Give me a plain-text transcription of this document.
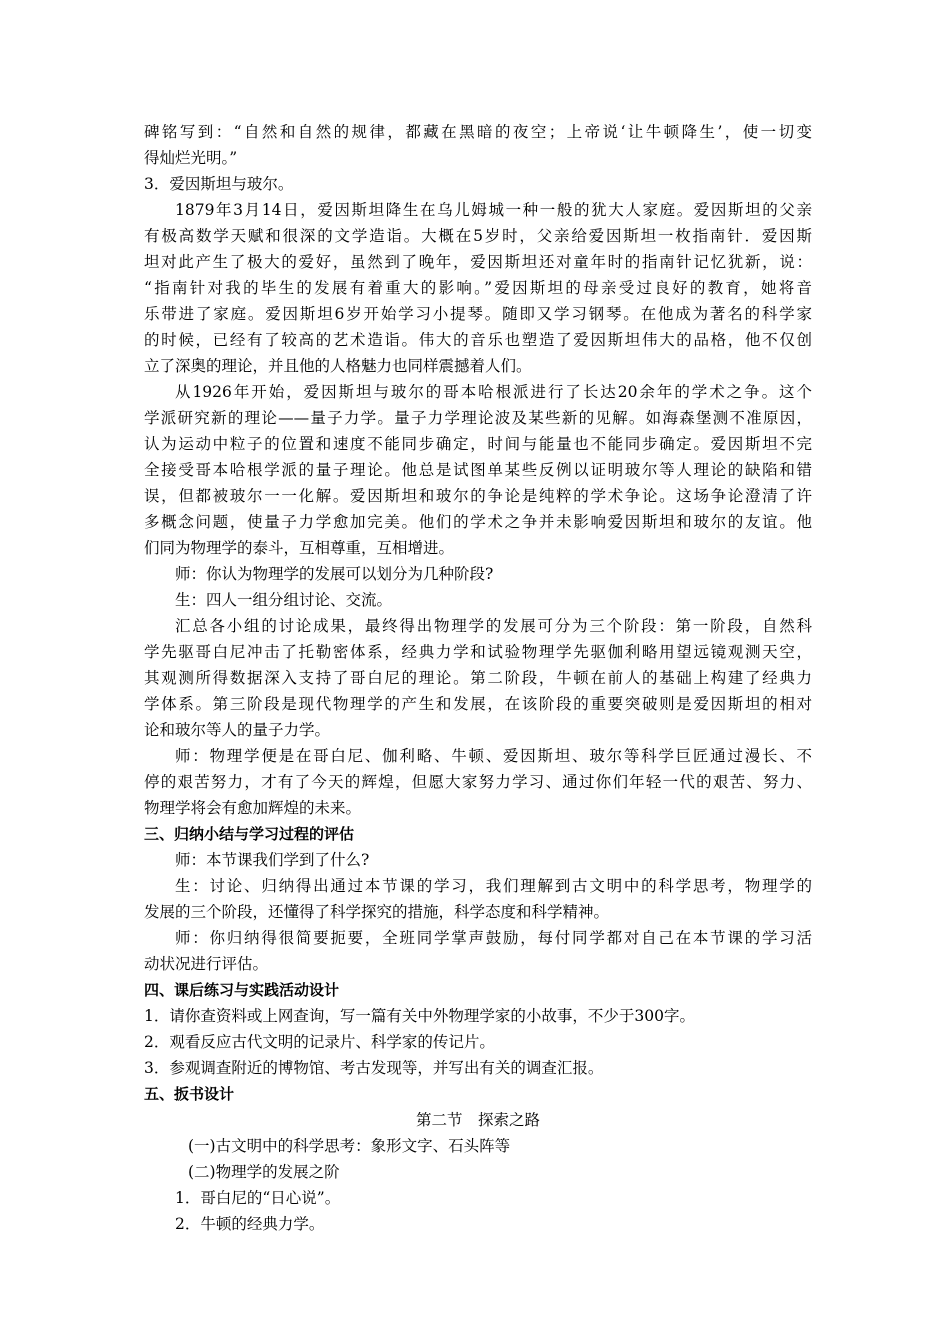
碑铭写到：“自然和自然的规律，都藏在黑暗的夜空；上帝说‘让牛顿降生’，使一切变
得灿烂光明。”
3．爱因斯坦与玻尔。
1879年3月14日，爱因斯坦降生在乌儿姆城一种一般的犹大人家庭。爱因斯坦的父亲
有极高数学天赋和很深的文学造诣。大概在5岁时，父亲给爱因斯坦一枚指南针．爱因斯
坦对此产生了极大的爱好，虽然到了晚年，爱因斯坦还对童年时的指南针记忆犹新，说：
“指南针对我的毕生的发展有着重大的影响。”爱因斯坦的母亲受过良好的教育，她将音
乐带进了家庭。爱因斯坦6岁开始学习小提琴。随即又学习钢琴。在他成为著名的科学家
的时候，已经有了较高的艺术造诣。伟大的音乐也塑造了爱因斯坦伟大的品格，他不仅创
立了深奥的理论，并且他的人格魅力也同样震撼着人们。
从1926年开始，爱因斯坦与玻尔的哥本哈根派进行了长达20余年的学术之争。这个
学派研究新的理论——量子力学。量子力学理论波及某些新的见解。如海森堡测不准原因，
认为运动中粒子的位置和速度不能同步确定，时间与能量也不能同步确定。爱因斯坦不完
全接受哥本哈根学派的量子理论。他总是试图单某些反例以证明玻尔等人理论的缺陷和错
误，但都被玻尔一一化解。爱因斯坦和玻尔的争论是纯粹的学术争论。这场争论澄清了许
多概念问题，使量子力学愈加完美。他们的学术之争并未影响爱因斯坦和玻尔的友谊。他
们同为物理学的泰斗，互相尊重，互相增进。
师：你认为物理学的发展可以划分为几种阶段?
生：四人一组分组讨论、交流。
汇总各小组的讨论成果，最终得出物理学的发展可分为三个阶段：第一阶段，自然科
学先驱哥白尼冲击了托勒密体系，经典力学和试验物理学先驱伽利略用望远镜观测天空，
其观测所得数据深入支持了哥白尼的理论。第二阶段，牛顿在前人的基础上构建了经典力
学体系。第三阶段是现代物理学的产生和发展，在该阶段的重要突破则是爱因斯坦的相对
论和玻尔等人的量子力学。
师：物理学便是在哥白尼、伽利略、牛顿、爱因斯坦、玻尔等科学巨匠通过漫长、不
停的艰苦努力，才有了今天的辉煌，但愿大家努力学习、通过你们年轻一代的艰苦、努力、
物理学将会有愈加辉煌的未来。
三、归纳小结与学习过程的评估
师：本节课我们学到了什么?
生：讨论、归纳得出通过本节课的学习，我们理解到古文明中的科学思考，物理学的
发展的三个阶段，还懂得了科学探究的措施，科学态度和科学精神。
师：你归纳得很简要扼要，全班同学掌声鼓励，每付同学都对自己在本节课的学习活
动状况进行评估。
四、课后练习与实践活动设计
1．请你查资料或上网查询，写一篇有关中外物理学家的小故事，不少于300字。
2．观看反应古代文明的记录片、科学家的传记片。
3．参观调查附近的博物馆、考古发现等，并写出有关的调查汇报。
五、扳书设计
第二节　探索之路
(一)古文明中的科学思考：象形文字、石头阵等
(二)物理学的发展之阶
1．哥白尼的“日心说”。
2．牛顿的经典力学。
